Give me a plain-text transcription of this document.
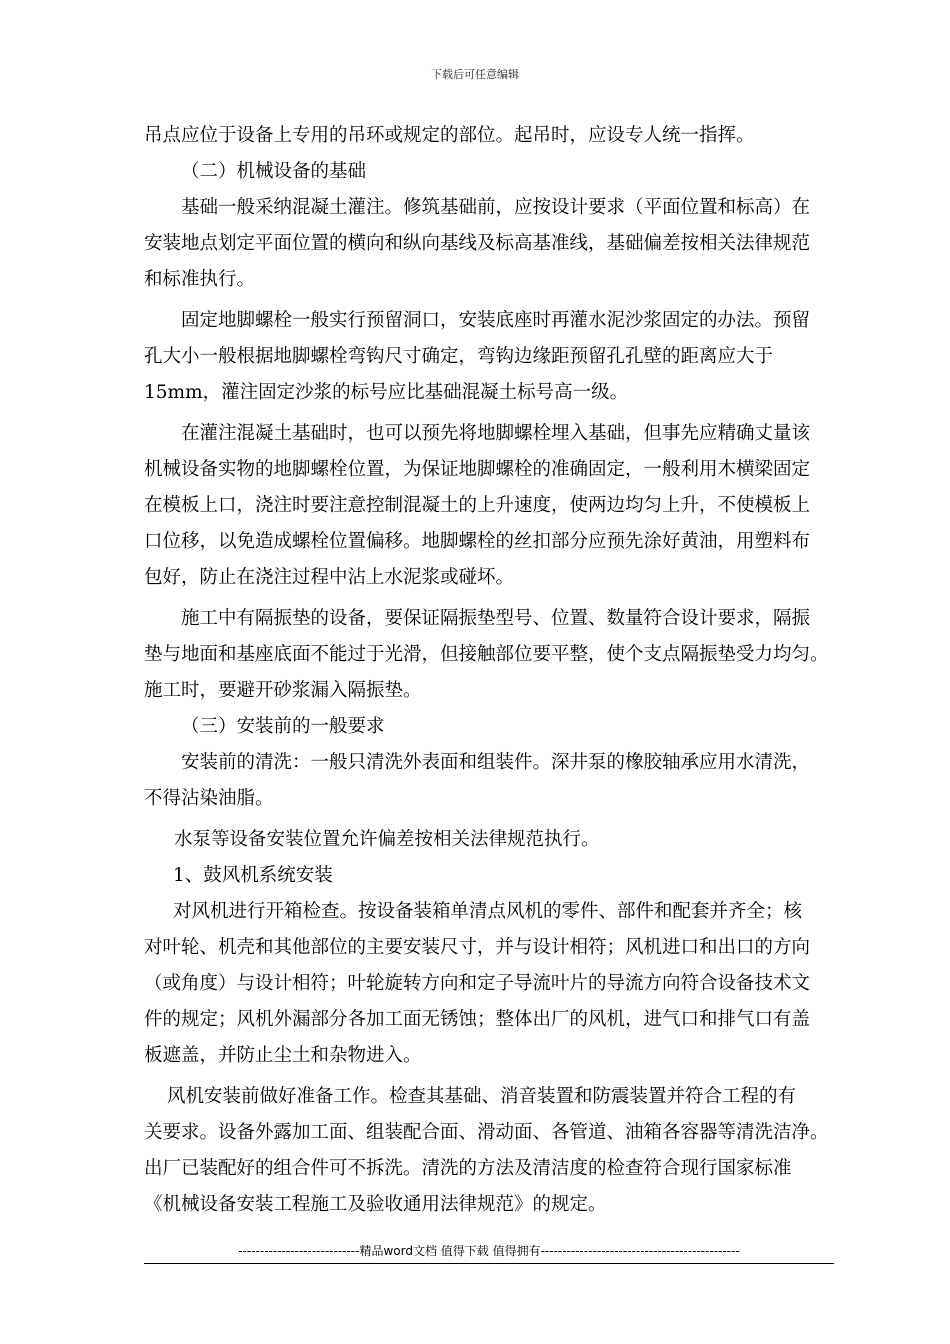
下载后可任意编辑
吊点应位于设备上专用的吊环或规定的部位。起吊时，应设专人统一指挥。
（二）机械设备的基础
基础一般采纳混凝土灌注。修筑基础前，应按设计要求（平面位置和标高）在
安装地点划定平面位置的横向和纵向基线及标高基准线，基础偏差按相关法律规范
和标准执行。
固定地脚螺栓一般实行预留洞口，安装底座时再灌水泥沙浆固定的办法。预留
孔大小一般根据地脚螺栓弯钩尺寸确定，弯钩边缘距预留孔孔壁的距离应大于
15mm，灌注固定沙浆的标号应比基础混凝土标号高一级。
在灌注混凝土基础时，也可以预先将地脚螺栓埋入基础，但事先应精确丈量该
机械设备实物的地脚螺栓位置，为保证地脚螺栓的准确固定，一般利用木横梁固定
在模板上口，浇注时要注意控制混凝土的上升速度，使两边均匀上升，不使模板上
口位移，以免造成螺栓位置偏移。地脚螺栓的丝扣部分应预先涂好黄油，用塑料布
包好，防止在浇注过程中沾上水泥浆或碰坏。
施工中有隔振垫的设备，要保证隔振垫型号、位置、数量符合设计要求，隔振
垫与地面和基座底面不能过于光滑，但接触部位要平整，使个支点隔振垫受力均匀。
施工时，要避开砂浆漏入隔振垫。
（三）安装前的一般要求
安装前的清洗：一般只清洗外表面和组装件。深井泵的橡胶轴承应用水清洗，
不得沾染油脂。
水泵等设备安装位置允许偏差按相关法律规范执行。
1、鼓风机系统安装
对风机进行开箱检查。按设备装箱单清点风机的零件、部件和配套并齐全；核
对叶轮、机壳和其他部位的主要安装尺寸，并与设计相符；风机进口和出口的方向
（或角度）与设计相符；叶轮旋转方向和定子导流叶片的导流方向符合设备技术文
件的规定；风机外漏部分各加工面无锈蚀；整体出厂的风机，进气口和排气口有盖
板遮盖，并防止尘土和杂物进入。
风机安装前做好准备工作。检查其基础、消音装置和防震装置并符合工程的有
关要求。设备外露加工面、组装配合面、滑动面、各管道、油箱各容器等清洗洁净。
出厂已装配好的组合件可不拆洗。清洗的方法及清洁度的检查符合现行国家标准
《机械设备安装工程施工及验收通用法律规范》的规定。
----------------------------精品word文档 值得下载 值得拥有----------------------------------------------
